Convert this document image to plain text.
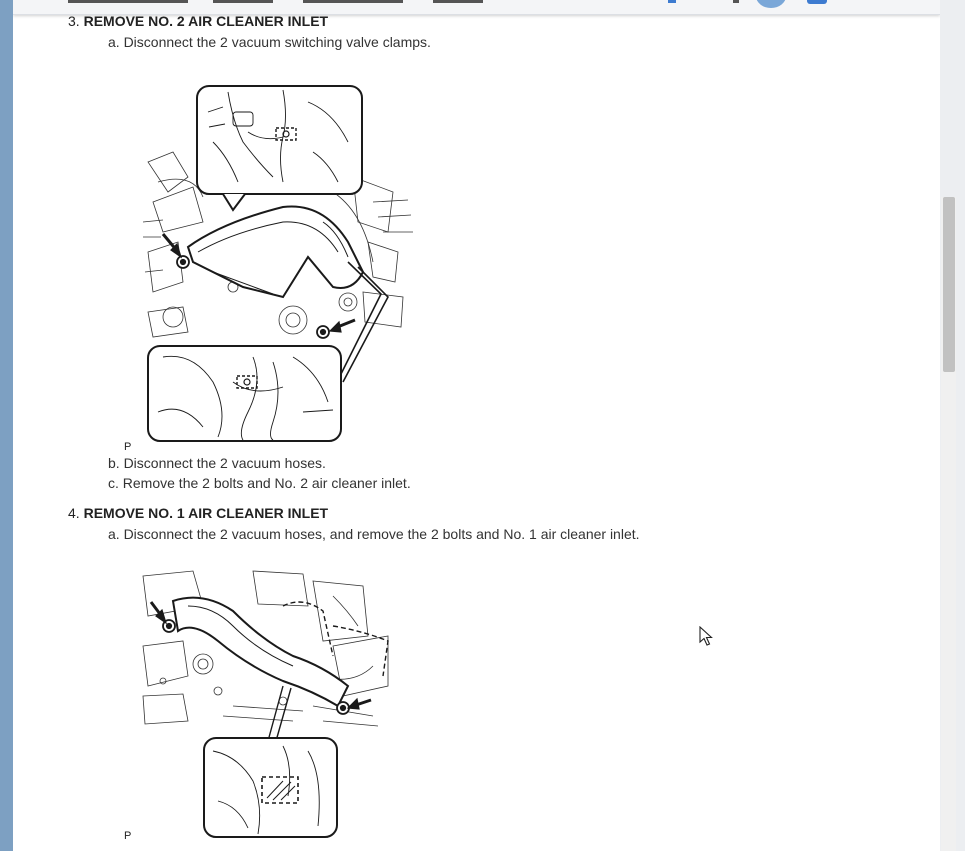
3. REMOVE NO. 2 AIR CLEANER INLET
a. Disconnect the 2 vacuum switching valve clamps.
P
b. Disconnect the 2 vacuum hoses.
c. Remove the 2 bolts and No. 2 air cleaner inlet.
4. REMOVE NO. 1 AIR CLEANER INLET
a. Disconnect the 2 vacuum hoses, and remove the 2 bolts and No. 1 air cleaner inlet.
P
